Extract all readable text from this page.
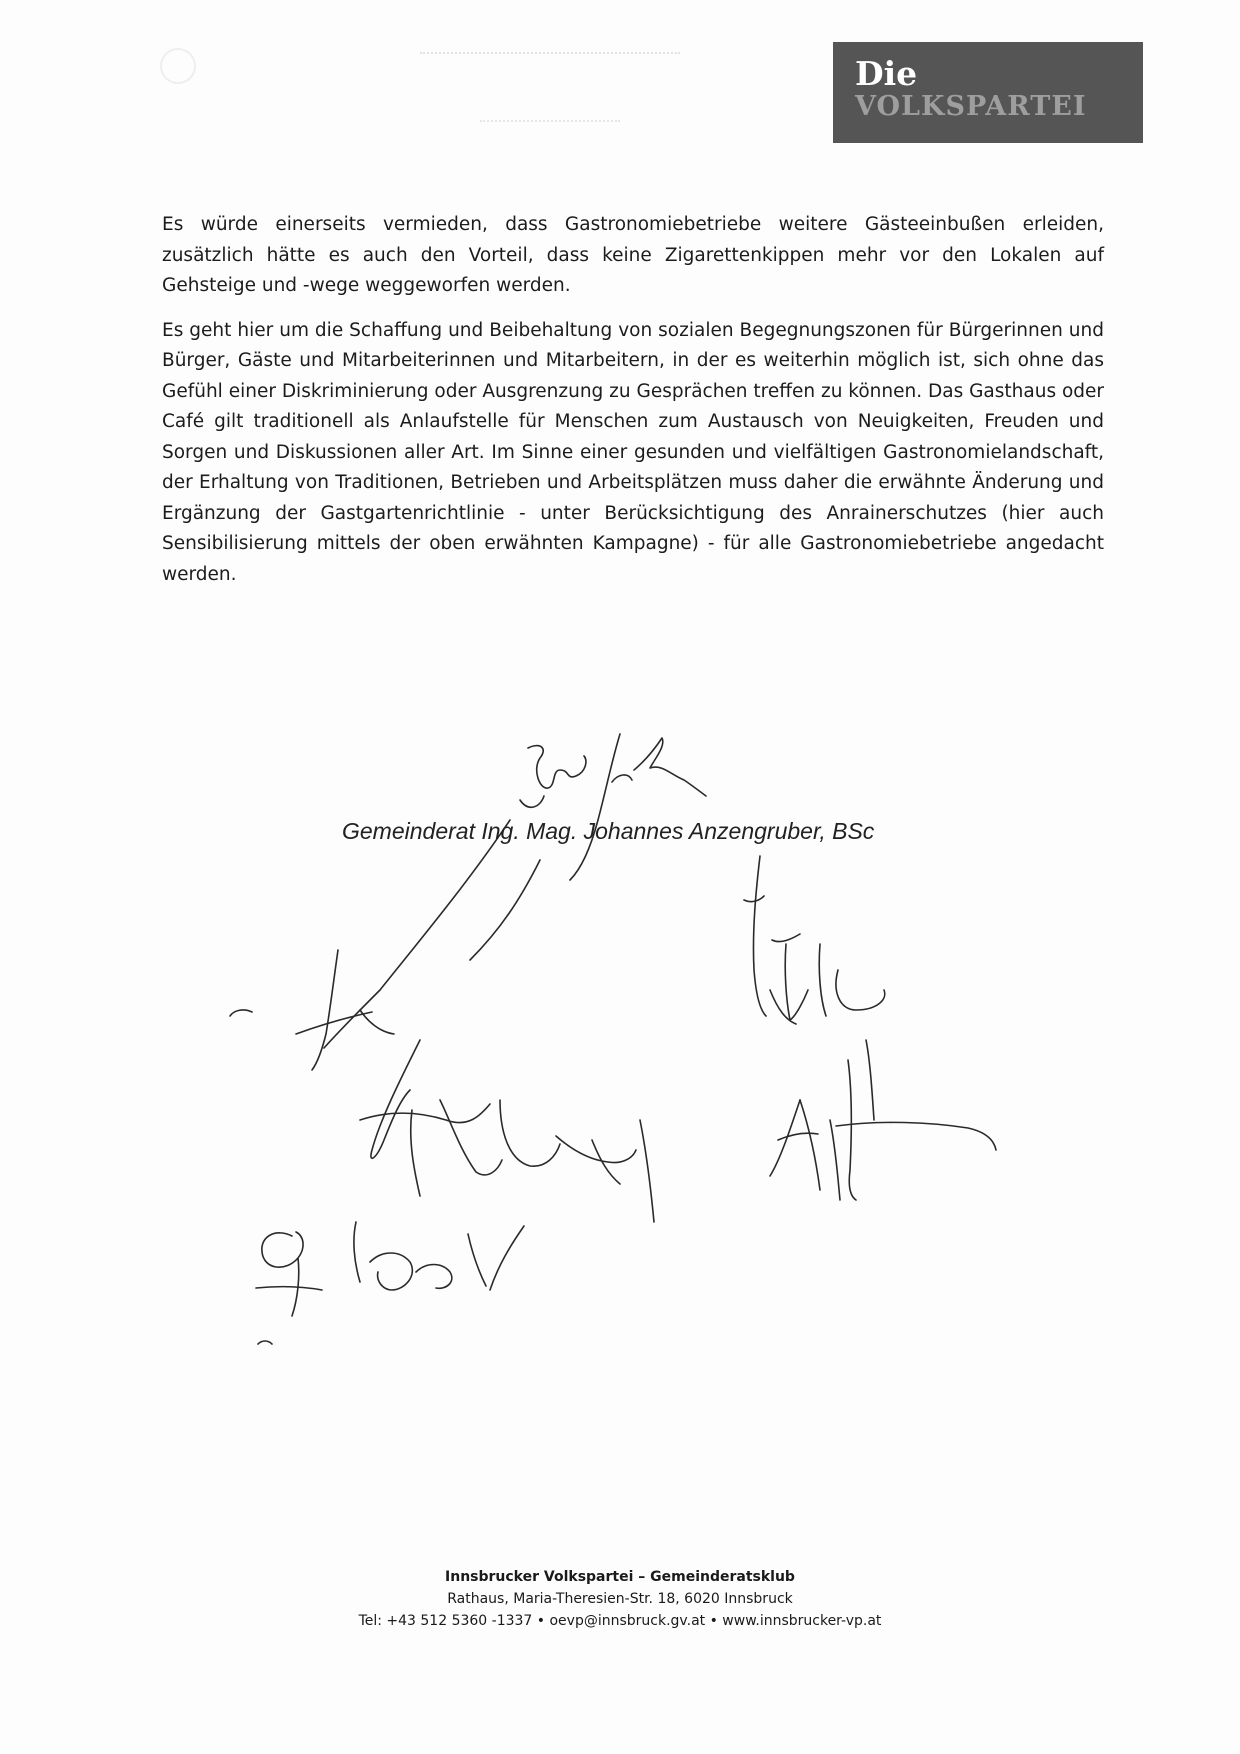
Die
VOLKSPARTEI

Es würde einerseits vermieden, dass Gastronomiebetriebe weitere Gästeeinbußen erleiden, zusätzlich hätte es auch den Vorteil, dass keine Zigarettenkippen mehr vor den Lokalen auf Gehsteige und -wege weggeworfen werden.

Es geht hier um die Schaffung und Beibehaltung von sozialen Begegnungszonen für Bürgerinnen und Bürger, Gäste und Mitarbeiterinnen und Mitarbeitern, in der es weiterhin möglich ist, sich ohne das Gefühl einer Diskriminierung oder Ausgrenzung zu Gesprächen treffen zu können. Das Gasthaus oder Café gilt traditionell als Anlaufstelle für Menschen zum Austausch von Neuigkeiten, Freuden und Sorgen und Diskussionen aller Art. Im Sinne einer gesunden und vielfältigen Gastronomielandschaft, der Erhaltung von Traditionen, Betrieben und Arbeitsplätzen muss daher die erwähnte Änderung und Ergänzung der Gastgartenrichtlinie - unter Berücksichtigung des Anrainerschutzes (hier auch Sensibilisierung mittels der oben erwähnten Kampagne) - für alle Gastronomiebetriebe angedacht werden.

Gemeinderat Ing. Mag. Johannes Anzengruber, BSc
Innsbrucker Volkspartei – Gemeinderatsklub
Rathaus, Maria-Theresien-Str. 18, 6020 Innsbruck
Tel: +43 512 5360 -1337 • oevp@innsbruck.gv.at • www.innsbrucker-vp.at
